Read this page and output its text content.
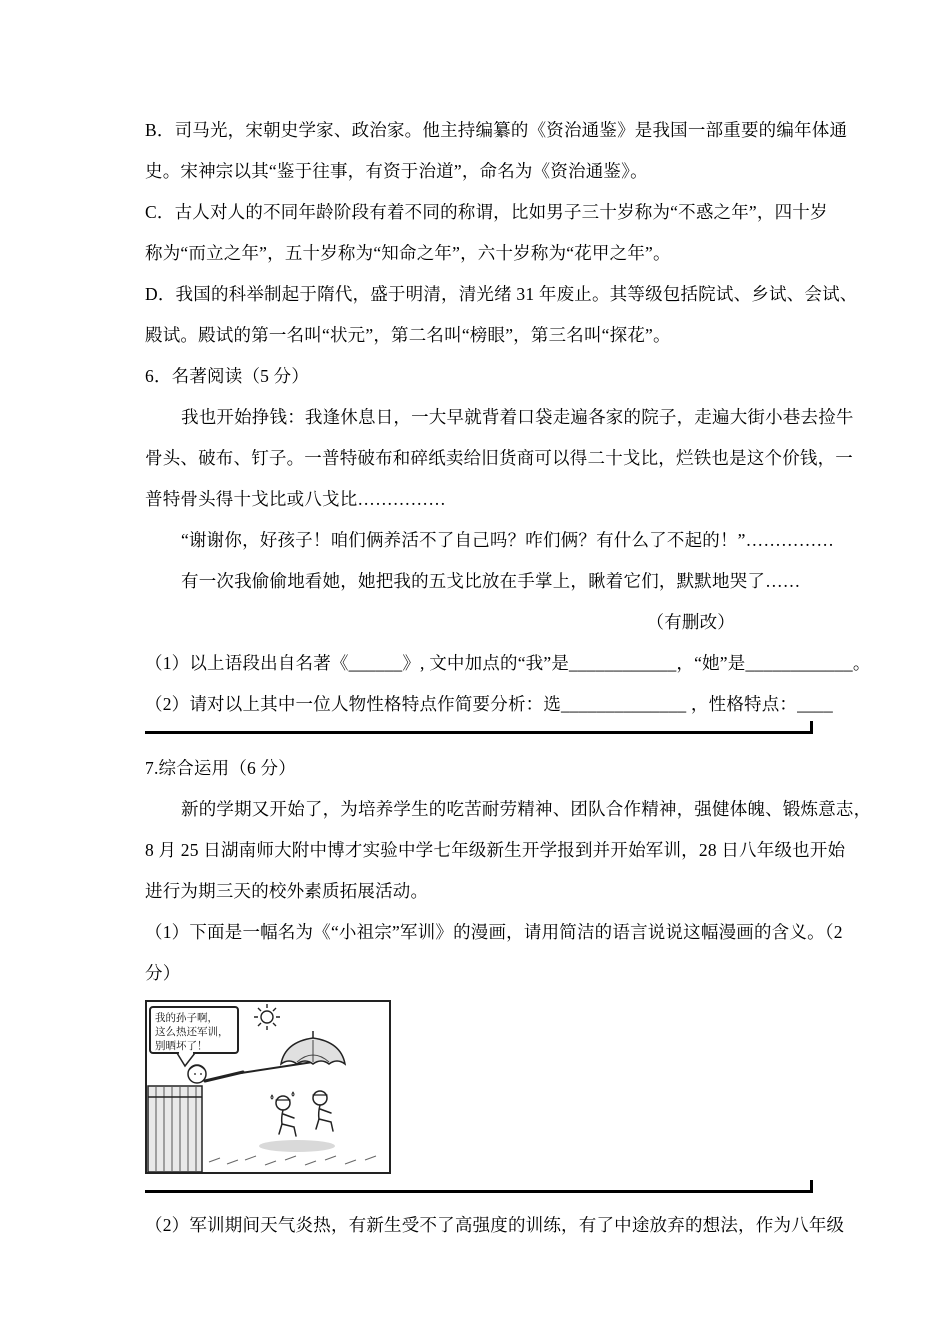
B．司马光，宋朝史学家、政治家。他主持编纂的《资治通鉴》是我国一部重要的编年体通
史。宋神宗以其“鉴于往事，有资于治道”，命名为《资治通鉴》。
C．古人对人的不同年龄阶段有着不同的称谓，比如男子三十岁称为“不惑之年”，四十岁
称为“而立之年”，五十岁称为“知命之年”，六十岁称为“花甲之年”。
D．我国的科举制起于隋代，盛于明清，清光绪 31 年废止。其等级包括院试、乡试、会试、
殿试。殿试的第一名叫“状元”，第二名叫“榜眼”，第三名叫“探花”。
6．名著阅读（5 分）
我也开始挣钱：我逢休息日，一大早就背着口袋走遍各家的院子，走遍大街小巷去捡牛
骨头、破布、钉子。一普特破布和碎纸卖给旧货商可以得二十戈比，烂铁也是这个价钱，一
普特骨头得十戈比或八戈比……………
“谢谢你，好孩子！咱们俩养活不了自己吗？咋们俩？有什么了不起的！”……………
有一次我偷偷地看她，她把我的五戈比放在手掌上，瞅着它们，默默地哭了……
（有删改）
（1）以上语段出自名著《______》, 文中加点的“我”是____________，“她”是____________。
（2）请对以上其中一位人物性格特点作简要分析：选______________ ，性格特点：____
7.综合运用（6 分）
新的学期又开始了，为培养学生的吃苦耐劳精神、团队合作精神，强健体魄、锻炼意志，
8 月 25 日湖南师大附中博才实验中学七年级新生开学报到并开始军训，28 日八年级也开始
进行为期三天的校外素质拓展活动。
（1）下面是一幅名为《“小祖宗”军训》的漫画，请用简洁的语言说说这幅漫画的含义。（2
分）
我的孙子啊，
这么热还军训，
别晒坏了！
（2）军训期间天气炎热，有新生受不了高强度的训练，有了中途放弃的想法，作为八年级
